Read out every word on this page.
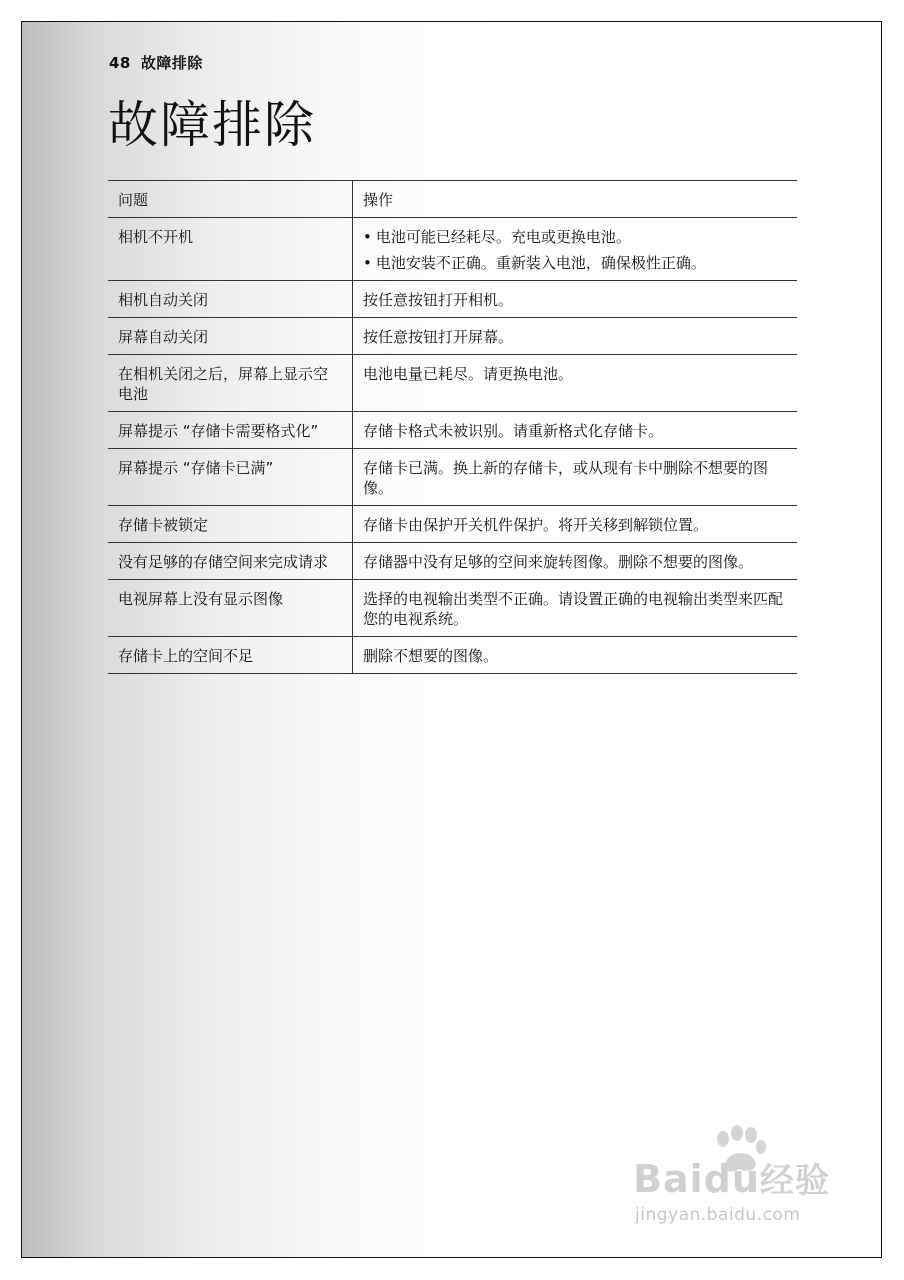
48 故障排除
故障排除
问题	操作
相机不开机	• 电池可能已经耗尽。充电或更换电池。
• 电池安装不正确。重新装入电池，确保极性正确。

相机自动关闭	按任意按钮打开相机。
屏幕自动关闭	按任意按钮打开屏幕。
在相机关闭之后，屏幕上显示空电池	电池电量已耗尽。请更换电池。
屏幕提示 “存储卡需要格式化”	存储卡格式未被识别。请重新格式化存储卡。
屏幕提示 “存储卡已满”	存储卡已满。换上新的存储卡，或从现有卡中删除不想要的图像。
存储卡被锁定	存储卡由保护开关机件保护。将开关移到解锁位置。
没有足够的存储空间来完成请求	存储器中没有足够的空间来旋转图像。删除不想要的图像。
电视屏幕上没有显示图像	选择的电视输出类型不正确。请设置正确的电视输出类型来匹配您的电视系统。
存储卡上的空间不足	删除不想要的图像。
Baidu经验
jingyan.baidu.com
